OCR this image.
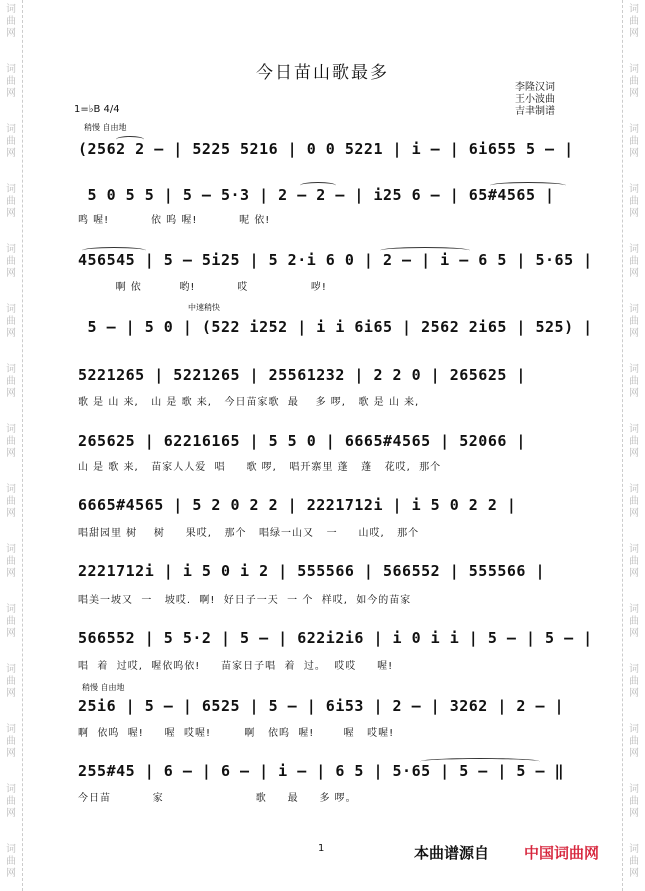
词
曲
网
词
曲
网
词
曲
网
词
曲
网
词
曲
网
词
曲
网
词
曲
网
词
曲
网
词
曲
网
词
曲
网
词
曲
网
词
曲
网
词
曲
网
词
曲
网
词
曲
网
词
曲
网
词
曲
网
词
曲
网
词
曲
网
词
曲
网
词
曲
网
词
曲
网
词
曲
网
词
曲
网
词
曲
网
词
曲
网
词
曲
网
词
曲
网
词
曲
网
词
曲
网
今日苗山歌最多
李隆汉词
王小波曲
吉聿制谱
1=♭B 4/4
稍慢 自由地
中速稍快
稍慢 自由地
(2562 2 – | 5225 5216 | 0 0 5221 | i – | 6i655 5 – |
5 0 5 5 | 5 – 5·3 | 2 – 2 – | i25 6 – | 65#4565 |
鸣 喔!          依 呜 喔!          呢 依!
456545 | 5 – 5i25 | 5 2·i 6 0 | 2 – | i – 6 5 | 5·65 |
啊 依         哟!          哎               哕!
5 – | 5 0 | (522 i252 | i i 6i65 | 2562 2i65 | 525) |
5221265 | 5221265 | 25561232 | 2 2 0 | 265625 |
歌 是 山 来,   山 是 歌 来,   今日苗家歌  最    多 啰,   歌 是 山 来,
265625 | 62216165 | 5 5 0 | 6665#4565 | 52066 |
山 是 歌 来,   苗家人人爱  唱     歌 啰,   唱开寨里 蓬   蓬   花哎,  那个
6665#4565 | 5 2 0 2 2 | 2221712i | i 5 0 2 2 |
唱甜园里 树    树     果哎,   那个   唱绿一山又   一     山哎,   那个
2221712i | i 5 0 i 2 | 555566 | 566552 | 555566 |
唱美一坡又  一   坡哎.  啊!  好日子一天  一 个  样哎,  如今的苗家
566552 | 5 5·2 | 5 – | 622i2i6 | i 0 i i | 5 – | 5 – |
唱  着  过哎,  喔依呜依!     苗家日子唱  着  过。  哎哎     喔!
25i6 | 5 – | 6525 | 5 – | 6i53 | 2 – | 3262 | 2 – |
啊  依呜  喔!     喔  哎喔!        啊   依呜  喔!       喔   哎喔!
255#45 | 6 – | 6 – | i – | 6 5 | 5·65 | 5 – | 5 – ‖
今日苗          家                      歌     最     多 啰。
1	本曲谱源自 中国词曲网
